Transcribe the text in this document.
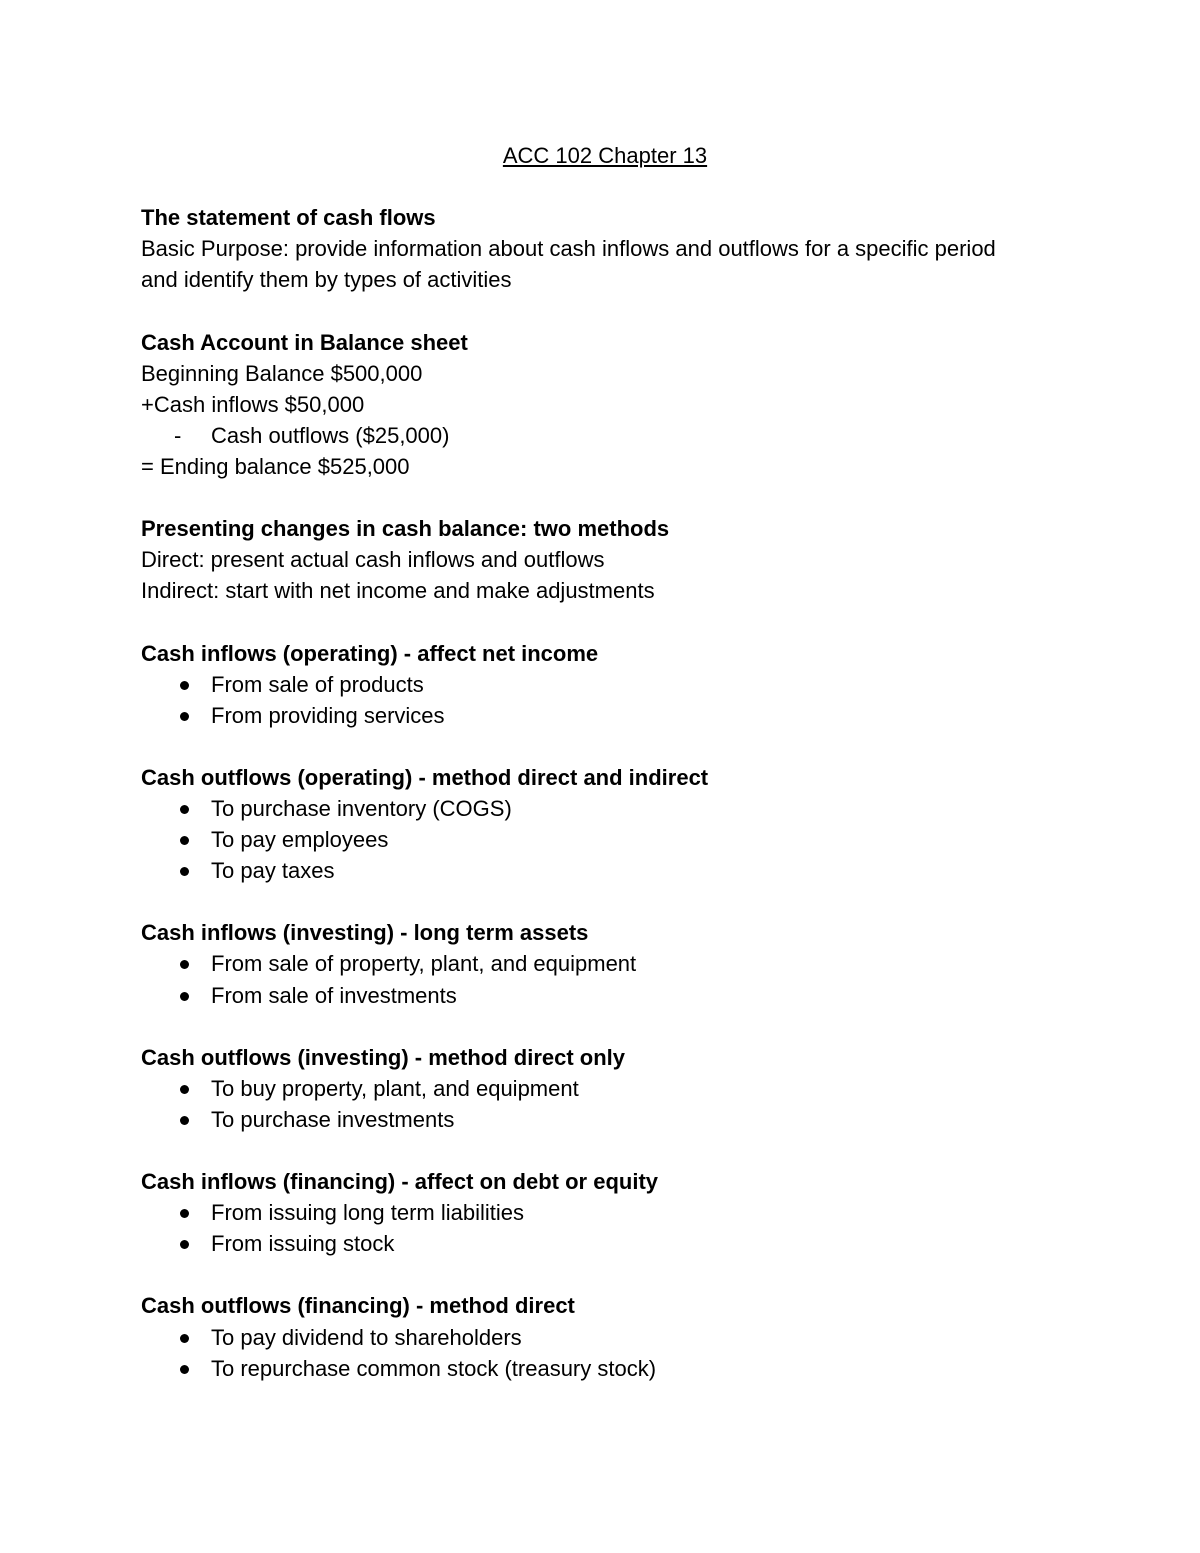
ACC 102 Chapter 13

The statement of cash flows

Basic Purpose: provide information about cash inflows and outflows for a specific period

and identify them by types of activities

Cash Account in Balance sheet

Beginning Balance $500,000

+Cash inflows $50,000

-	Cash outflows ($25,000)

= Ending balance $525,000

Presenting changes in cash balance: two methods

Direct: present actual cash inflows and outflows

Indirect: start with net income and make adjustments

Cash inflows (operating) - affect net income

From sale of products
From providing services

Cash outflows (operating) - method direct and indirect

To purchase inventory (COGS)
To pay employees
To pay taxes

Cash inflows (investing) - long term assets

From sale of property, plant, and equipment
From sale of investments

Cash outflows (investing) - method direct only

To buy property, plant, and equipment
To purchase investments

Cash inflows (financing) - affect on debt or equity

From issuing long term liabilities
From issuing stock

Cash outflows (financing) - method direct

To pay dividend to shareholders
To repurchase common stock (treasury stock)
